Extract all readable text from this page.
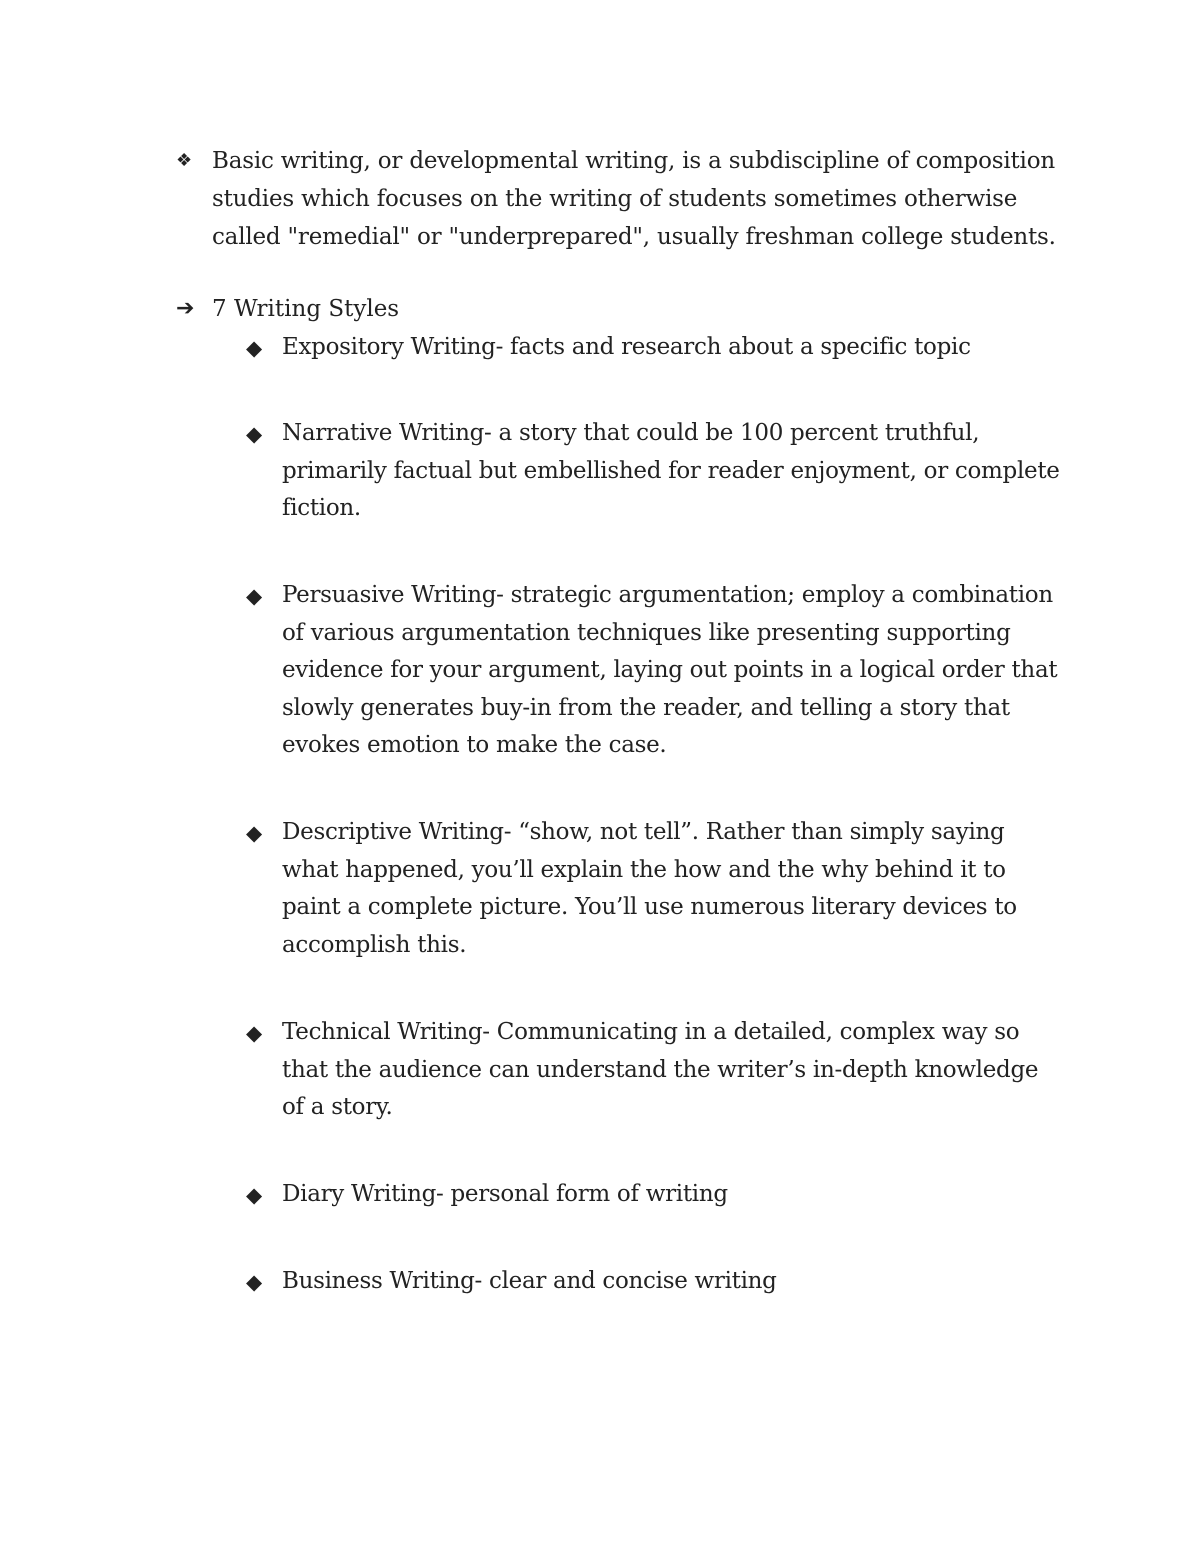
❖ Basic writing, or developmental writing, is a subdiscipline of composition studies which focuses on the writing of students sometimes otherwise called "remedial" or "underprepared", usually freshman college students.

➔ 7 Writing Styles
◆ Expository Writing- facts and research about a specific topic
◆ Narrative Writing- a story that could be 100 percent truthful, primarily factual but embellished for reader enjoyment, or complete fiction.
◆ Persuasive Writing- strategic argumentation; employ a combination of various argumentation techniques like presenting supporting evidence for your argument, laying out points in a logical order that slowly generates buy-in from the reader, and telling a story that evokes emotion to make the case.
◆ Descriptive Writing- “show, not tell”. Rather than simply saying what happened, you’ll explain the how and the why behind it to paint a complete picture. You’ll use numerous literary devices to accomplish this.
◆ Technical Writing- Communicating in a detailed, complex way so that the audience can understand the writer’s in-depth knowledge of a story.
◆ Diary Writing- personal form of writing
◆ Business Writing- clear and concise writing
